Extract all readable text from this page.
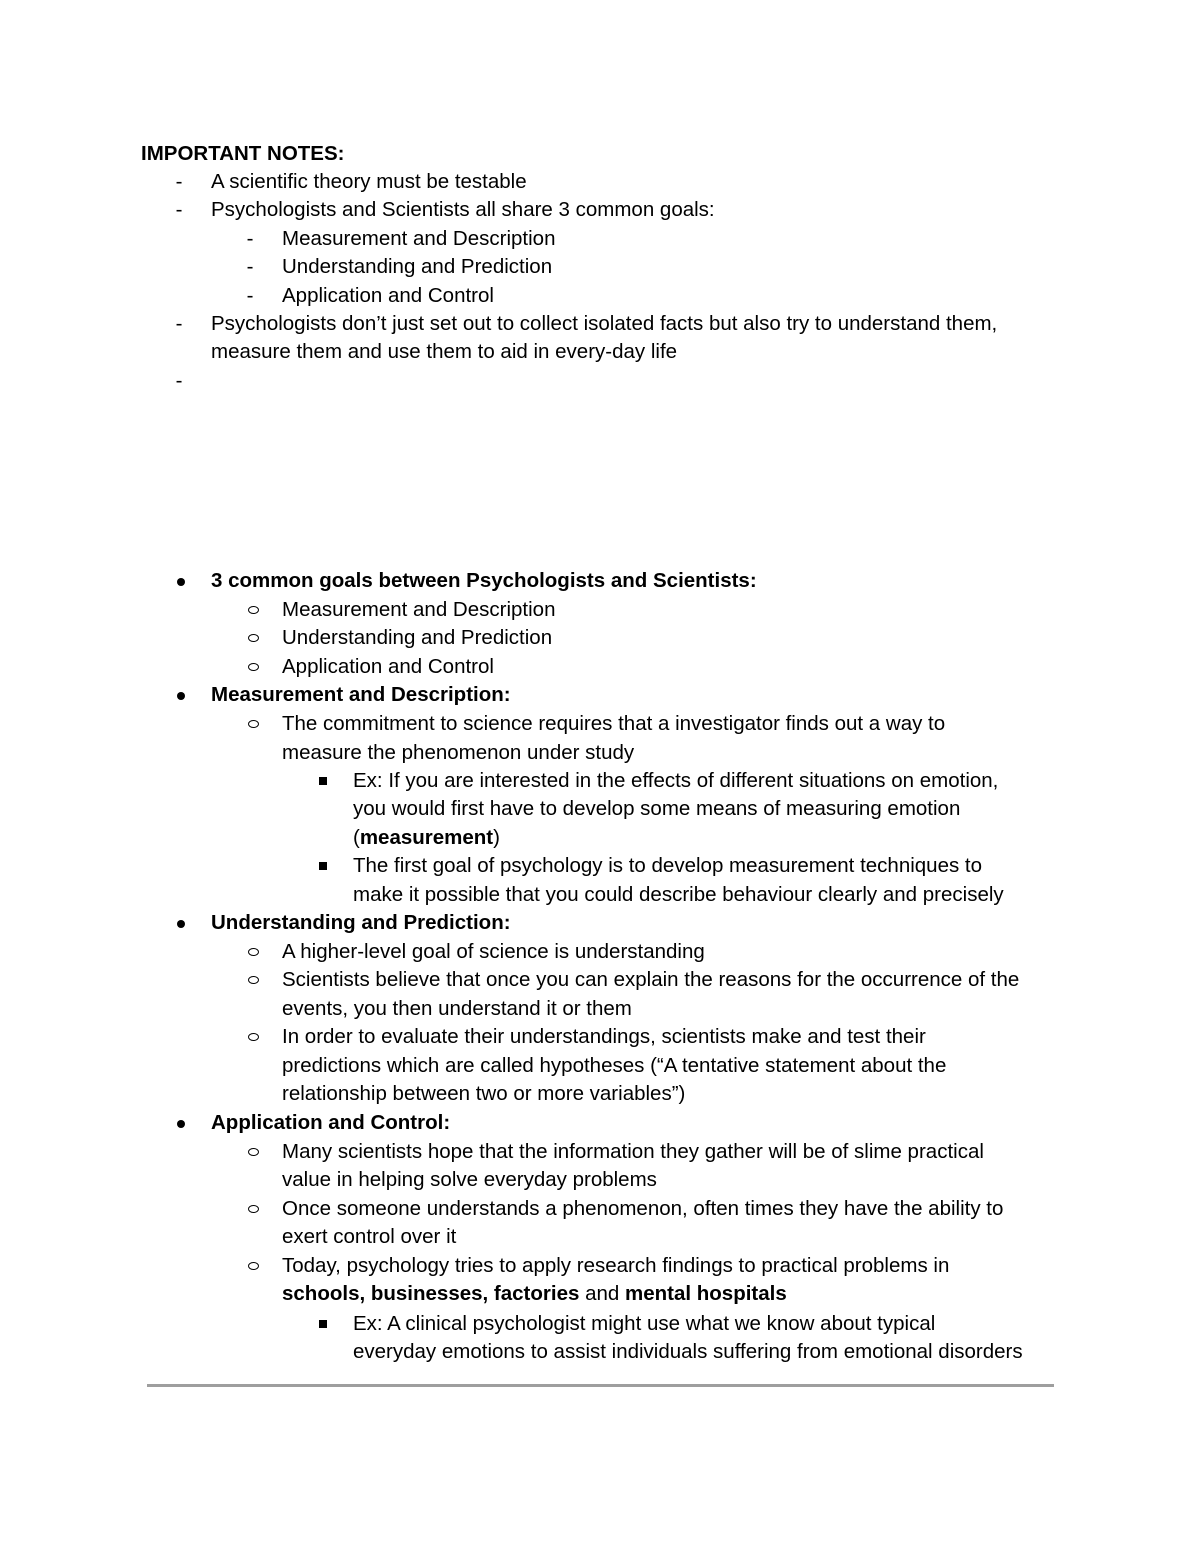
IMPORTANT NOTES:
- A scientific theory must be testable
- Psychologists and Scientists all share 3 common goals:
- Measurement and Description
- Understanding and Prediction
- Application and Control
- Psychologists don’t just set out to collect isolated facts but also try to understand them,
measure them and use them to aid in every-day life
-
3 common goals between Psychologists and Scientists:
Measurement and Description
Understanding and Prediction
Application and Control
Measurement and Description:
The commitment to science requires that a investigator finds out a way to
measure the phenomenon under study
Ex: If you are interested in the effects of different situations on emotion,
you would first have to develop some means of measuring emotion
(measurement)
The first goal of psychology is to develop measurement techniques to
make it possible that you could describe behaviour clearly and precisely
Understanding and Prediction:
A higher-level goal of science is understanding
Scientists believe that once you can explain the reasons for the occurrence of the
events, you then understand it or them
In order to evaluate their understandings, scientists make and test their
predictions which are called hypotheses (“A tentative statement about the
relationship between two or more variables”)
Application and Control:
Many scientists hope that the information they gather will be of slime practical
value in helping solve everyday problems
Once someone understands a phenomenon, often times they have the ability to
exert control over it
Today, psychology tries to apply research findings to practical problems in
schools, businesses, factories and mental hospitals
Ex: A clinical psychologist might use what we know about typical
everyday emotions to assist individuals suffering from emotional disorders
